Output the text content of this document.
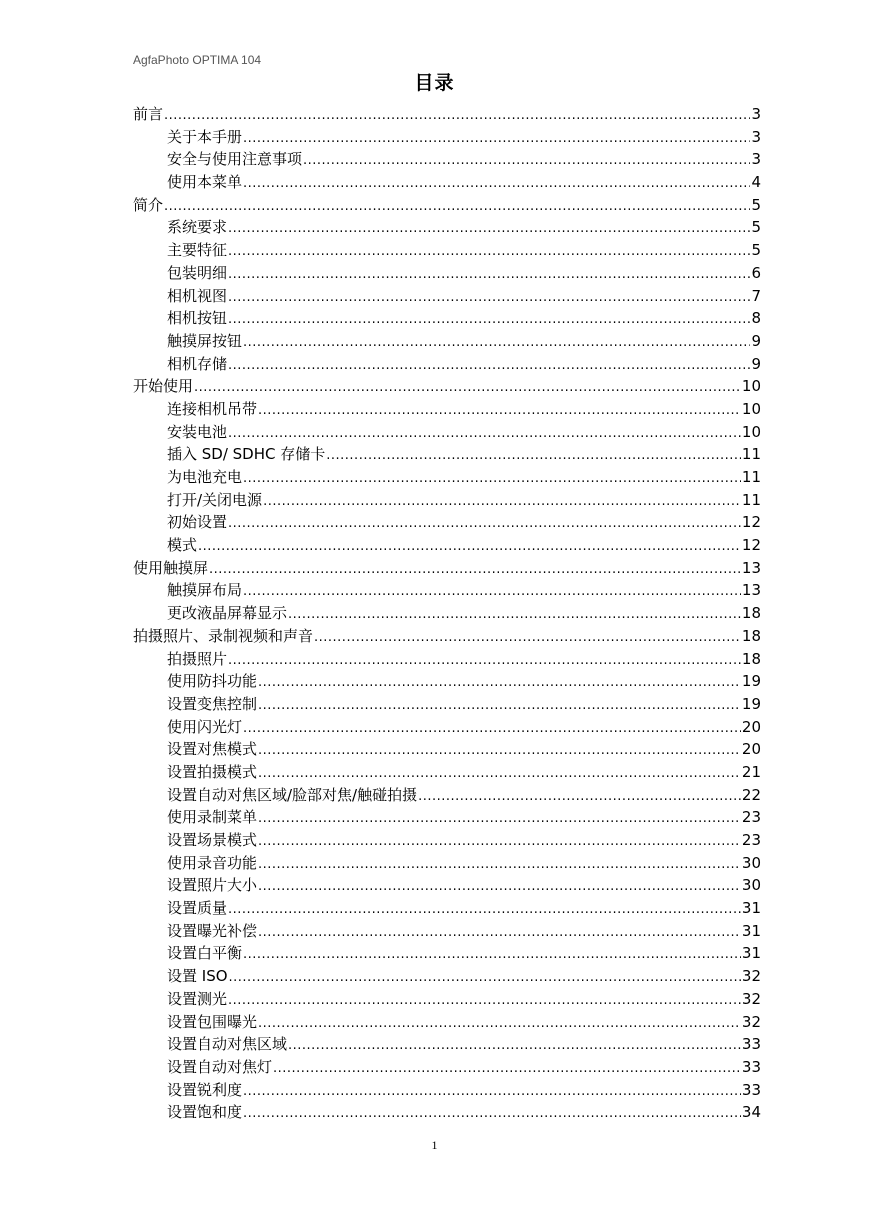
AgfaPhoto OPTIMA 104
目录
前言 .....	3
关于本手册 .....	3
安全与使用注意事项 .....	3
使用本菜单 .....	4
简介 .....	5
系统要求 .....	5
主要特征 .....	5
包装明细 .....	6
相机视图 .....	7
相机按钮 .....	8
触摸屏按钮 .....	9
相机存储 .....	9
开始使用 .....	10
连接相机吊带 .....	10
安装电池 .....	10
插入 SD/ SDHC 存储卡 .....	11
为电池充电 .....	11
打开/关闭电源 .....	11
初始设置 .....	12
模式 .....	12
使用触摸屏 .....	13
触摸屏布局 .....	13
更改液晶屏幕显示 .....	18
拍摄照片、录制视频和声音 .....	18
拍摄照片 .....	18
使用防抖功能 .....	19
设置变焦控制 .....	19
使用闪光灯 .....	20
设置对焦模式 .....	20
设置拍摄模式 .....	21
设置自动对焦区域/脸部对焦/触碰拍摄 .....	22
使用录制菜单 .....	23
设置场景模式 .....	23
使用录音功能 .....	30
设置照片大小 .....	30
设置质量 .....	31
设置曝光补偿 .....	31
设置白平衡 .....	31
设置 ISO .....	32
设置测光 .....	32
设置包围曝光 .....	32
设置自动对焦区域 .....	33
设置自动对焦灯 .....	33
设置锐利度 .....	33
设置饱和度 .....	34
1
